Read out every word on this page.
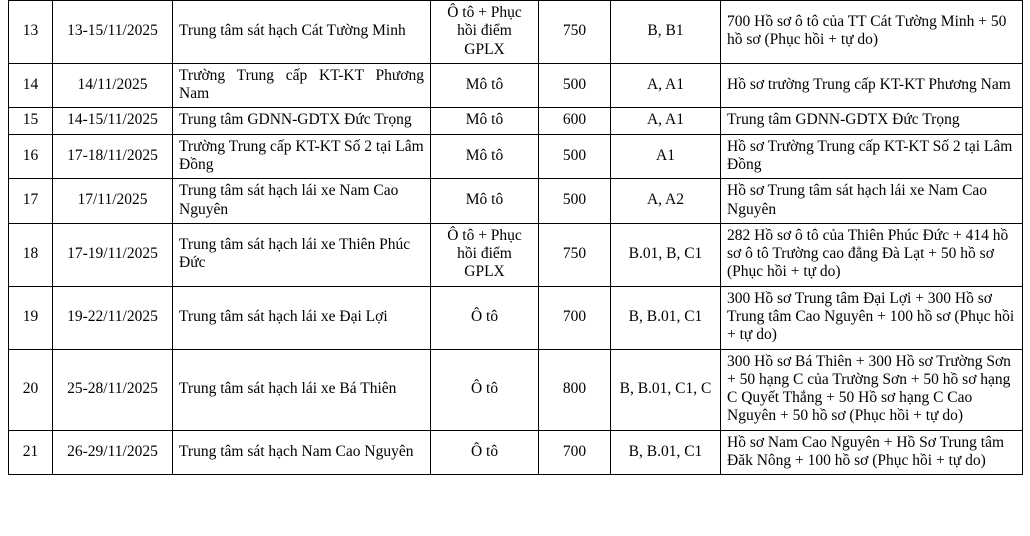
13	13-15/11/2025	Trung tâm sát hạch Cát Tường Minh	Ô tô + Phục hồi điểm GPLX	750	B, B1	700 Hồ sơ ô tô của TT Cát Tường Minh + 50 hồ sơ (Phục hồi + tự do)
14	14/11/2025	Trường Trung cấp KT-KT Phương Nam	Mô tô	500	A, A1	Hồ sơ trường Trung cấp KT-KT Phương Nam
15	14-15/11/2025	Trung tâm GDNN-GDTX Đức Trọng	Mô tô	600	A, A1	Trung tâm GDNN-GDTX Đức Trọng
16	17-18/11/2025	Trường Trung cấp KT-KT Số 2 tại Lâm Đồng	Mô tô	500	A1	Hồ sơ Trường Trung cấp KT-KT Số 2 tại Lâm Đồng
17	17/11/2025	Trung tâm sát hạch lái xe Nam Cao Nguyên	Mô tô	500	A, A2	Hồ sơ Trung tâm sát hạch lái xe Nam Cao Nguyên
18	17-19/11/2025	Trung tâm sát hạch lái xe Thiên Phúc Đức	Ô tô + Phục hồi điểm GPLX	750	B.01, B, C1	282 Hồ sơ ô tô của Thiên Phúc Đức + 414 hồ sơ ô tô Trường cao đẳng Đà Lạt + 50 hồ sơ (Phục hồi + tự do)
19	19-22/11/2025	Trung tâm sát hạch lái xe Đại Lợi	Ô tô	700	B, B.01, C1	300 Hồ sơ Trung tâm Đại Lợi + 300 Hồ sơ Trung tâm Cao Nguyên + 100 hồ sơ (Phục hồi + tự do)
20	25-28/11/2025	Trung tâm sát hạch lái xe Bá Thiên	Ô tô	800	B, B.01, C1, C	300 Hồ sơ Bá Thiên + 300 Hồ sơ Trường Sơn + 50 hạng C của Trường Sơn + 50 hồ sơ hạng C Quyết Thắng + 50 Hồ sơ hạng C Cao Nguyên + 50 hồ sơ (Phục hồi + tự do)
21	26-29/11/2025	Trung tâm sát hạch Nam Cao Nguyên	Ô tô	700	B, B.01, C1	Hồ sơ Nam Cao Nguyên + Hồ Sơ Trung tâm Đăk Nông + 100 hồ sơ (Phục hồi + tự do)
